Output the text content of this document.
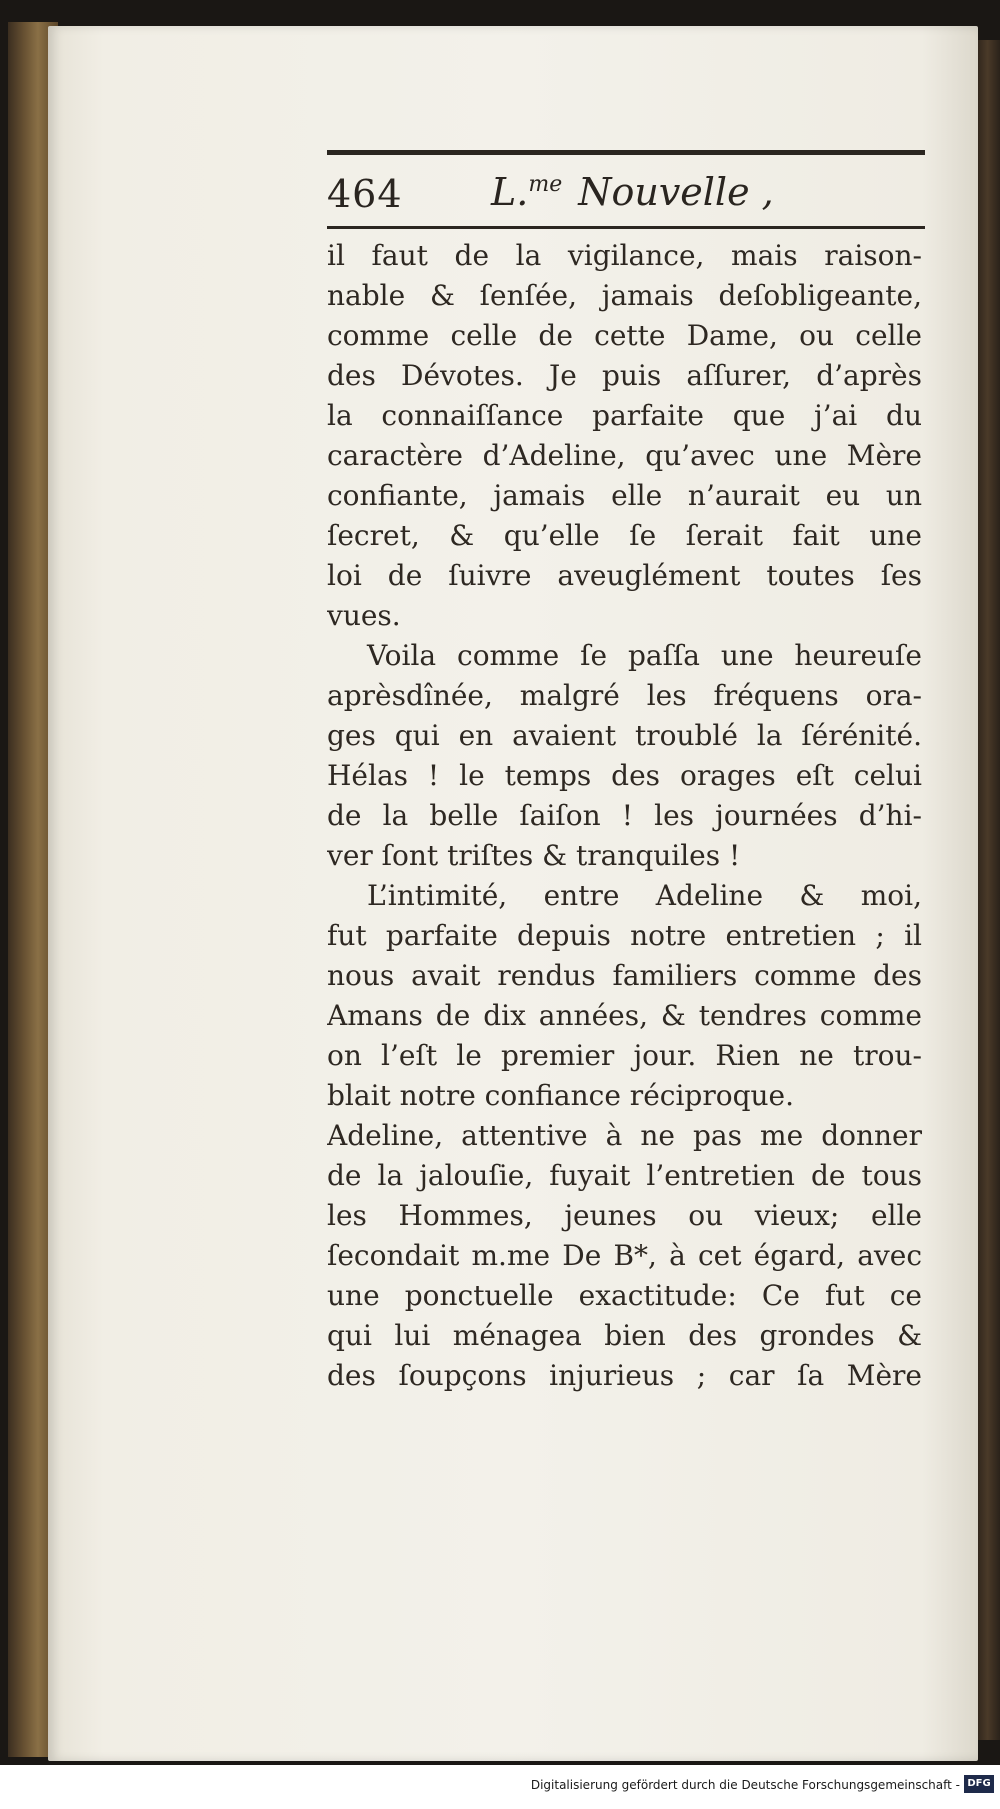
464 L.$^{me}$ Nouvelle ,
il faut de la vigilance, mais raison-
nable & ſenſée, jamais deſobligeante,
comme celle de cette Dame, ou celle
des Dévotes. Je puis aſſurer, d’après
la connaiſſance parfaite que j’ai du
caractère d’Adeline, qu’avec une Mère
confiante, jamais elle n’aurait eu un
ſecret, & qu’elle ſe ſerait fait une
loi de ſuivre aveuglément toutes ſes
vues.
Voila comme ſe paſſa une heureuſe
aprèsdînée, malgré les fréquens ora-
ges qui en avaient troublé la ſérénité.
Hélas ! le temps des orages eſt celui
de la belle ſaiſon ! les journées d’hi-
ver ſont triſtes & tranquiles !
L’intimité, entre Adeline & moi,
fut parfaite depuis notre entretien ; il
nous avait rendus familiers comme des
Amans de dix années, & tendres comme
on l’eſt le premier jour. Rien ne trou-
blait notre confiance réciproque.
Adeline, attentive à ne pas me donner
de la jalouſie, fuyait l’entretien de tous
les Hommes, jeunes ou vieux; elle
ſecondait m.me De B*, à cet égard, avec
une ponctuelle exactitude: Ce fut ce
qui lui ménagea bien des grondes &
des ſoupçons injurieus ; car ſa Mère
Digitalisierung gefördert durch die Deutsche Forschungsgemeinschaft - DFG
